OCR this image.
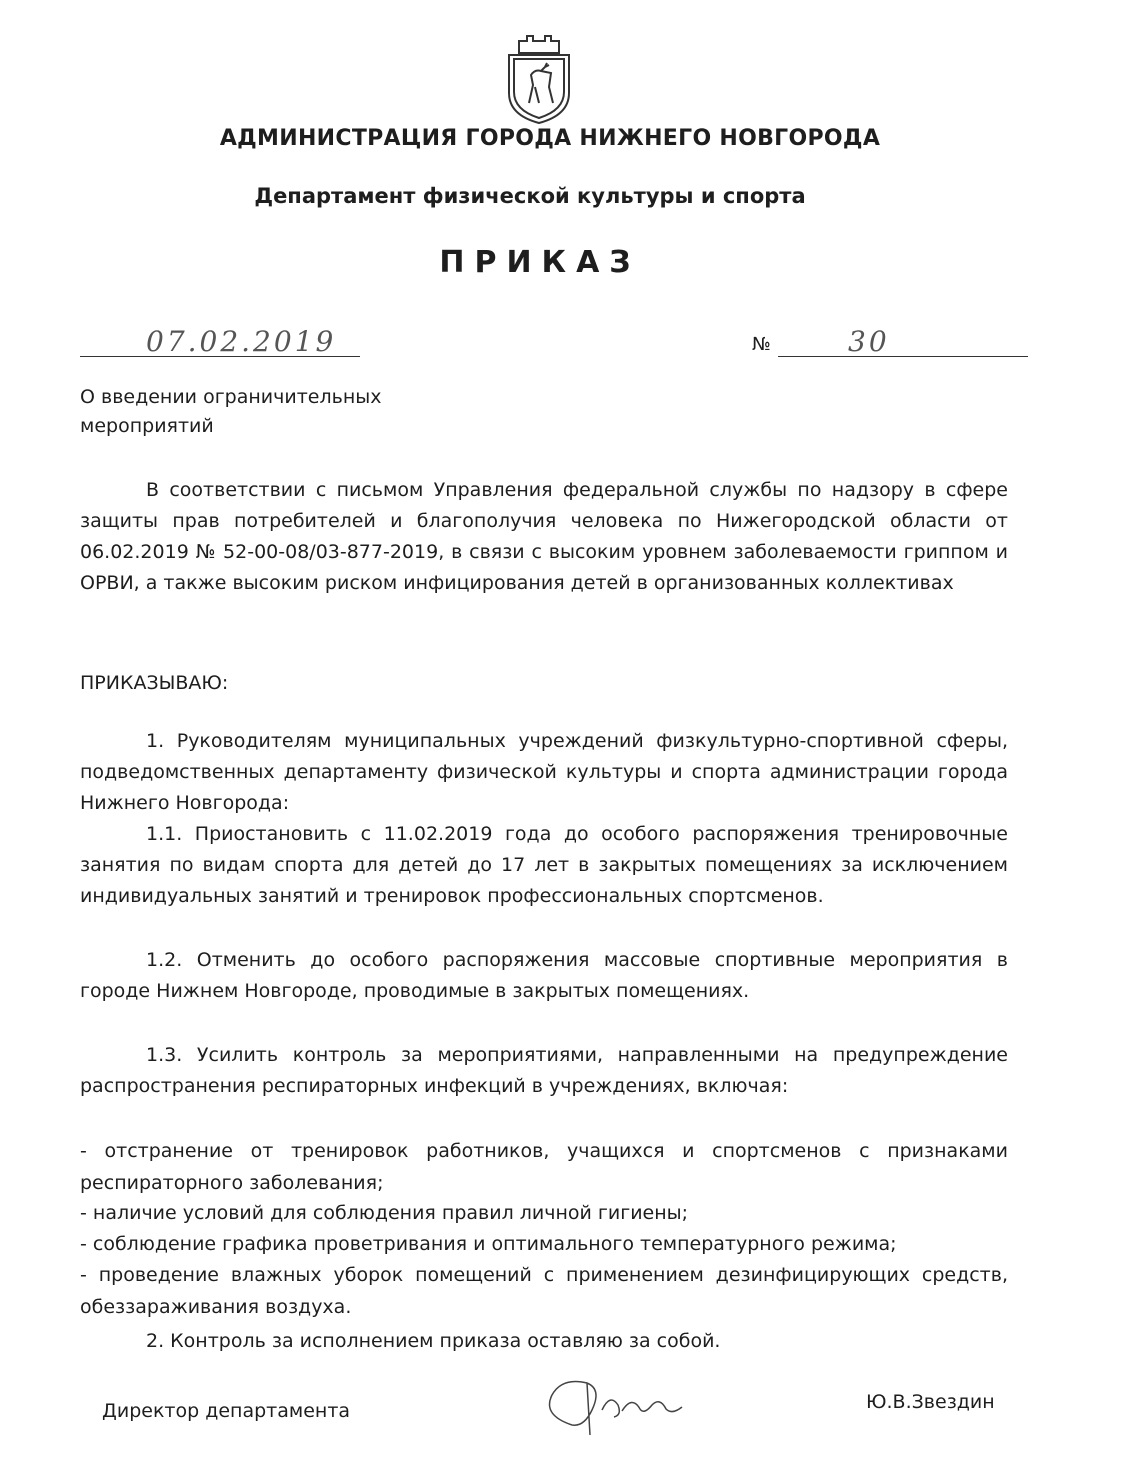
АДМИНИСТРАЦИЯ ГОРОДА НИЖНЕГО НОВГОРОДА
Департамент физической культуры и спорта
ПРИКАЗ
07.02.2019	№	30
О введении ограничительных мероприятий
В соответствии с письмом Управления федеральной службы по надзору в сфере защиты прав потребителей и благополучия человека по Нижегородской области от 06.02.2019 № 52-00-08/03-877-2019, в связи с высоким уровнем заболеваемости гриппом и ОРВИ, а также высоким риском инфицирования детей в организованных коллективах
ПРИКАЗЫВАЮ:
1. Руководителям муниципальных учреждений физкультурно-спортивной сферы, подведомственных департаменту физической культуры и спорта администрации города Нижнего Новгорода:
1.1. Приостановить с 11.02.2019 года до особого распоряжения тренировочные занятия по видам спорта для детей до 17 лет в закрытых помещениях за исключением индивидуальных занятий и тренировок профессиональных спортсменов.
1.2. Отменить до особого распоряжения массовые спортивные мероприятия в городе Нижнем Новгороде, проводимые в закрытых помещениях.
1.3. Усилить контроль за мероприятиями, направленными на предупреждение распространения респираторных инфекций в учреждениях, включая:
- отстранение от тренировок работников, учащихся и спортсменов с признаками респираторного заболевания;
- наличие условий для соблюдения правил личной гигиены;
- соблюдение графика проветривания и оптимального температурного режима;
- проведение влажных уборок помещений с применением дезинфицирующих средств, обеззараживания воздуха.
2. Контроль за исполнением приказа оставляю за собой.
Директор департамента	Ю.В.Звездин
